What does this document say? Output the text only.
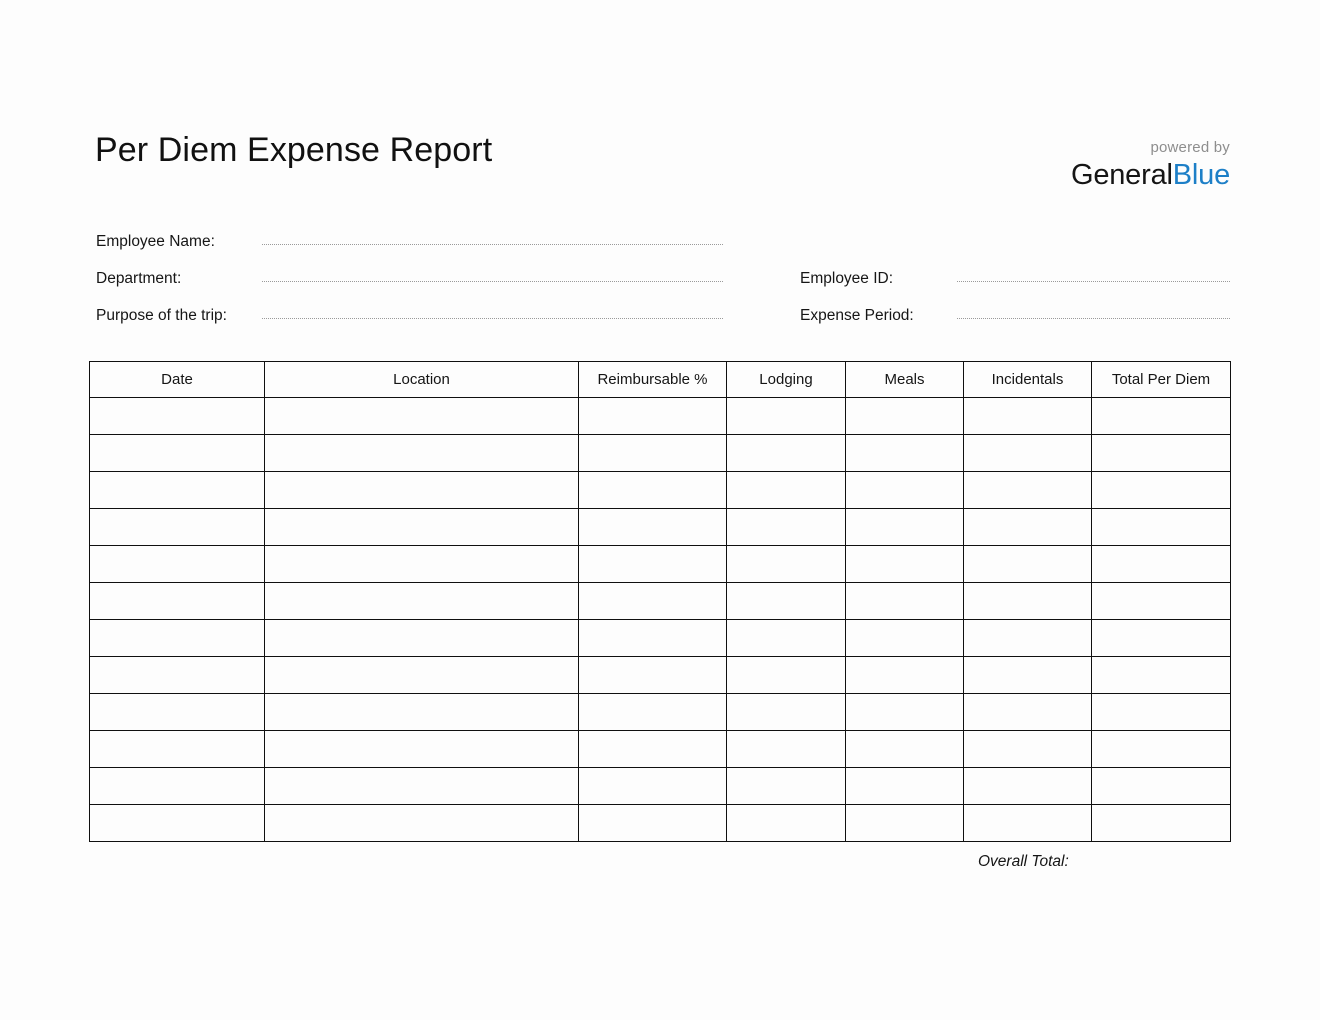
Per Diem Expense Report	powered by
GeneralBlue
Employee Name:
Department:
Purpose of the trip:
Employee ID:
Expense Period:
Date	Location	Reimbursable %	Lodging	Meals	Incidentals	Total Per Diem

Overall Total:
